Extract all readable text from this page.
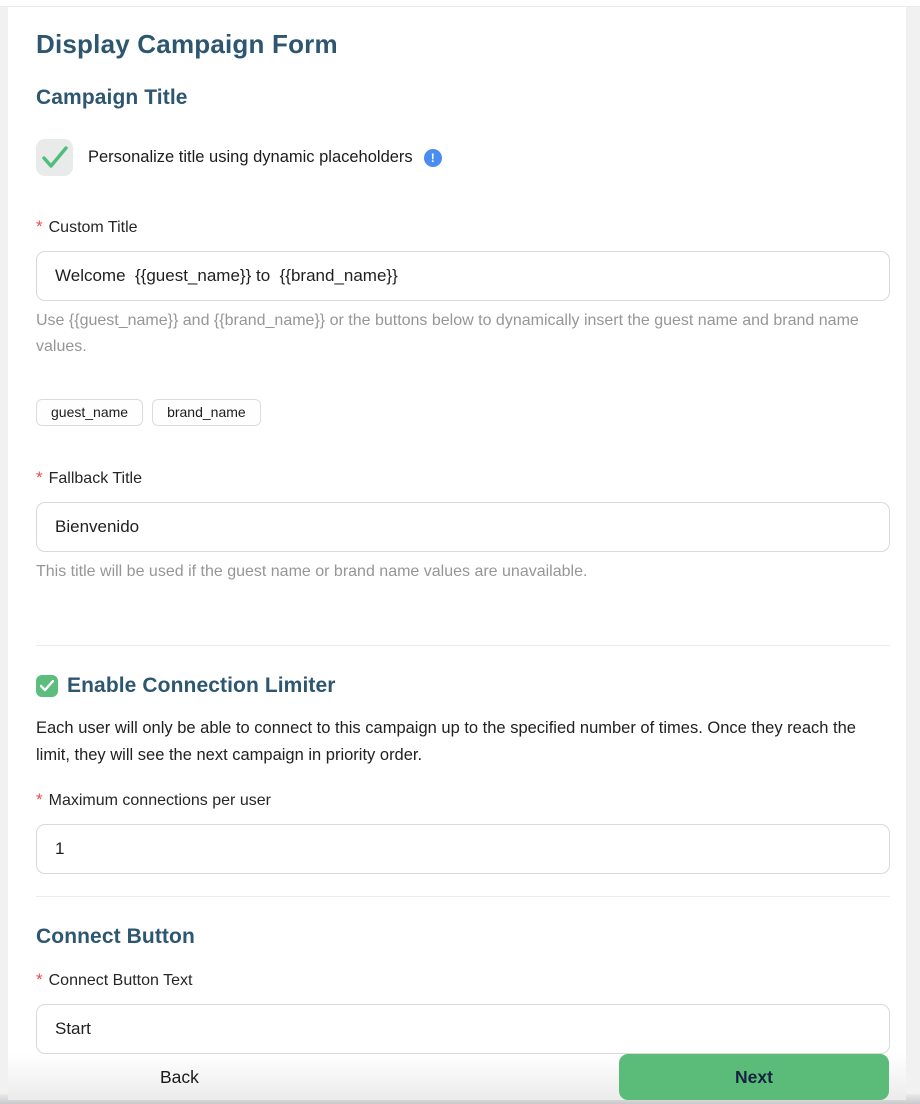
Display Campaign Form
Campaign Title
Personalize title using dynamic placeholders	!
* Custom Title
Welcome {{guest_name}} to {{brand_name}}
Use {{guest_name}} and {{brand_name}} or the buttons below to dynamically insert the guest name and brand name values.
guest_name	brand_name
* Fallback Title
Bienvenido
This title will be used if the guest name or brand name values are unavailable.
Enable Connection Limiter
Each user will only be able to connect to this campaign up to the specified number of times. Once they reach the limit, they will see the next campaign in priority order.
* Maximum connections per user
1
Connect Button
* Connect Button Text
Start
Back	Next
